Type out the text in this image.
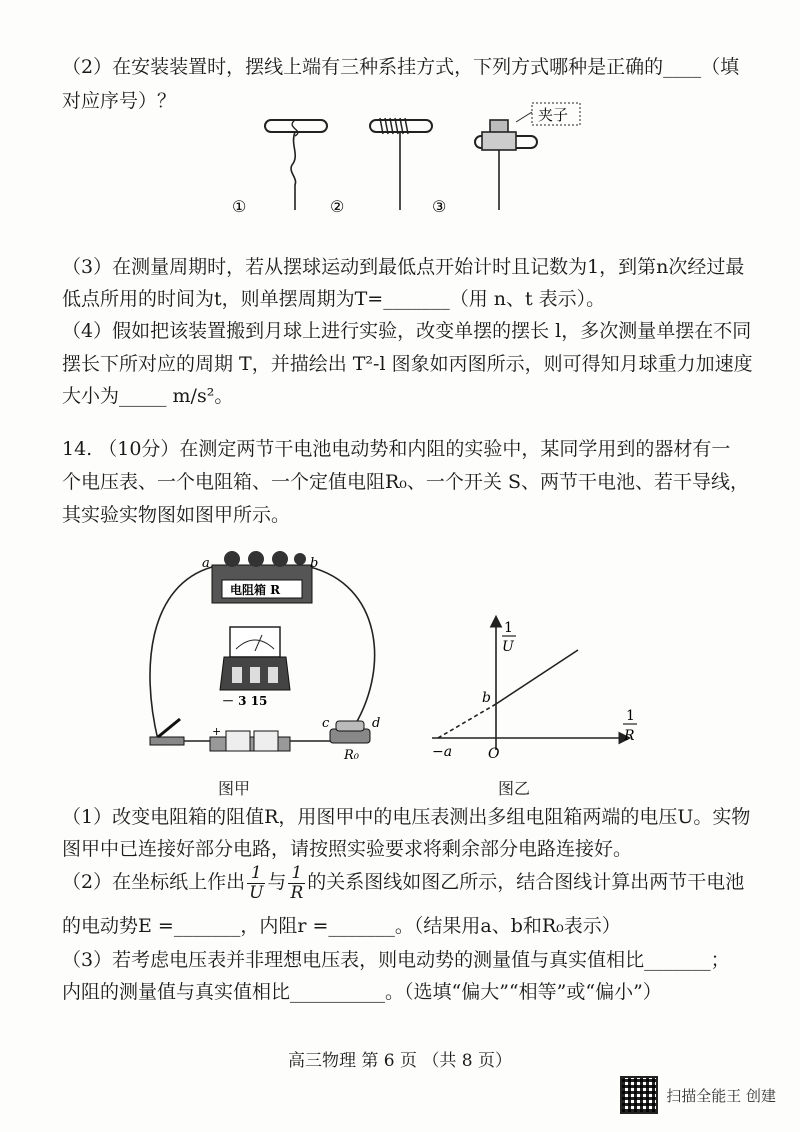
（2）在安装装置时，摆线上端有三种系挂方式，下列方式哪种是正确的____（填
对应序号）？
夹子
①	②	③
（3）在测量周期时，若从摆球运动到最低点开始计时且记数为1，到第n次经过最
低点所用的时间为t，则单摆周期为T=_______（用 n、t 表示）。
（4）假如把该装置搬到月球上进行实验，改变单摆的摆长 l，多次测量单摆在不同
摆长下所对应的周期 T，并描绘出 T²-l 图象如丙图所示，则可得知月球重力加速度
大小为_____ m/s²。
14. （10分）在测定两节干电池电动势和内阻的实验中，某同学用到的器材有一
个电压表、一个电阻箱、一个定值电阻R₀、一个开关 S、两节干电池、若干导线，
其实验实物图如图甲所示。
电阻箱 R
a	b
－ 3 15
+
c	d
R₀
图甲
1
U
1
R
b
−a	O
图乙
（1）改变电阻箱的阻值R，用图甲中的电压表测出多组电阻箱两端的电压U。实物
图甲中已连接好部分电路，请按照实验要求将剩余部分电路连接好。
（2）在坐标纸上作出 $\frac{1}{U}$ 与 $\frac{1}{R}$ 的关系图线如图乙所示，结合图线计算出两节干电池
的电动势E =_______，内阻r =_______。（结果用a、b和R₀表示）
（3）若考虑电压表并非理想电压表，则电动势的测量值与真实值相比_______；
内阻的测量值与真实值相比__________。（选填“偏大”“相等”或“偏小”）
高三物理 第 6 页 （共 8 页）
扫描全能王 创建
